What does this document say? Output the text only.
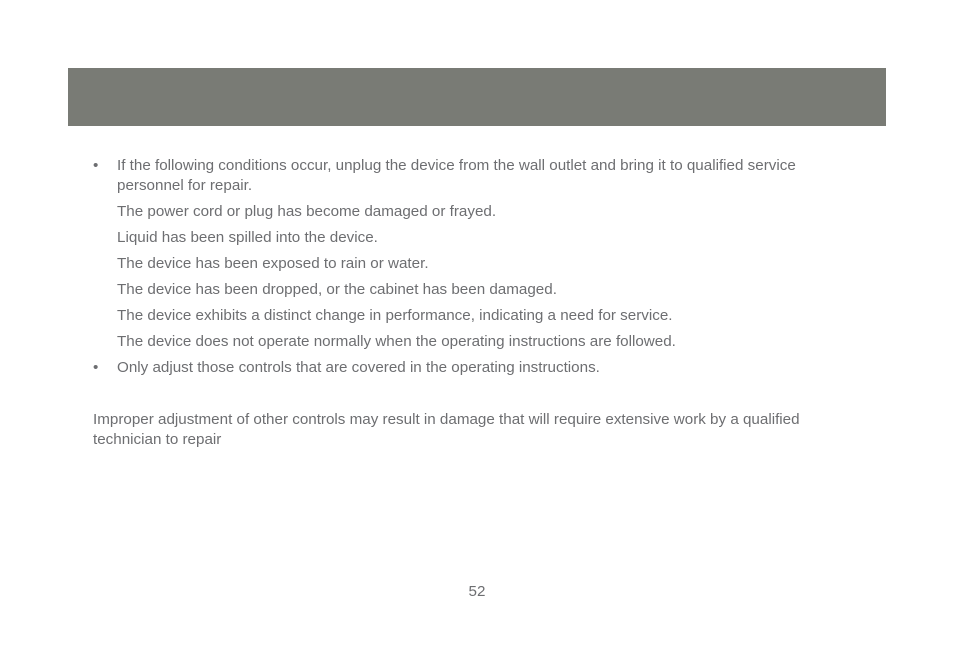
•	If the following conditions occur, unplug the device from the wall outlet and bring it to qualified service personnel for repair.

The power cord or plug has become damaged or frayed.

Liquid has been spilled into the device.

The device has been exposed to rain or water.

The device has been dropped, or the cabinet has been damaged.

The device exhibits a distinct change in performance, indicating a need for service.

The device does not operate normally when the operating instructions are followed.

•	Only adjust those controls that are covered in the operating instructions.

Improper adjustment of other controls may result in damage that will require extensive work by a qualified technician to repair

52
